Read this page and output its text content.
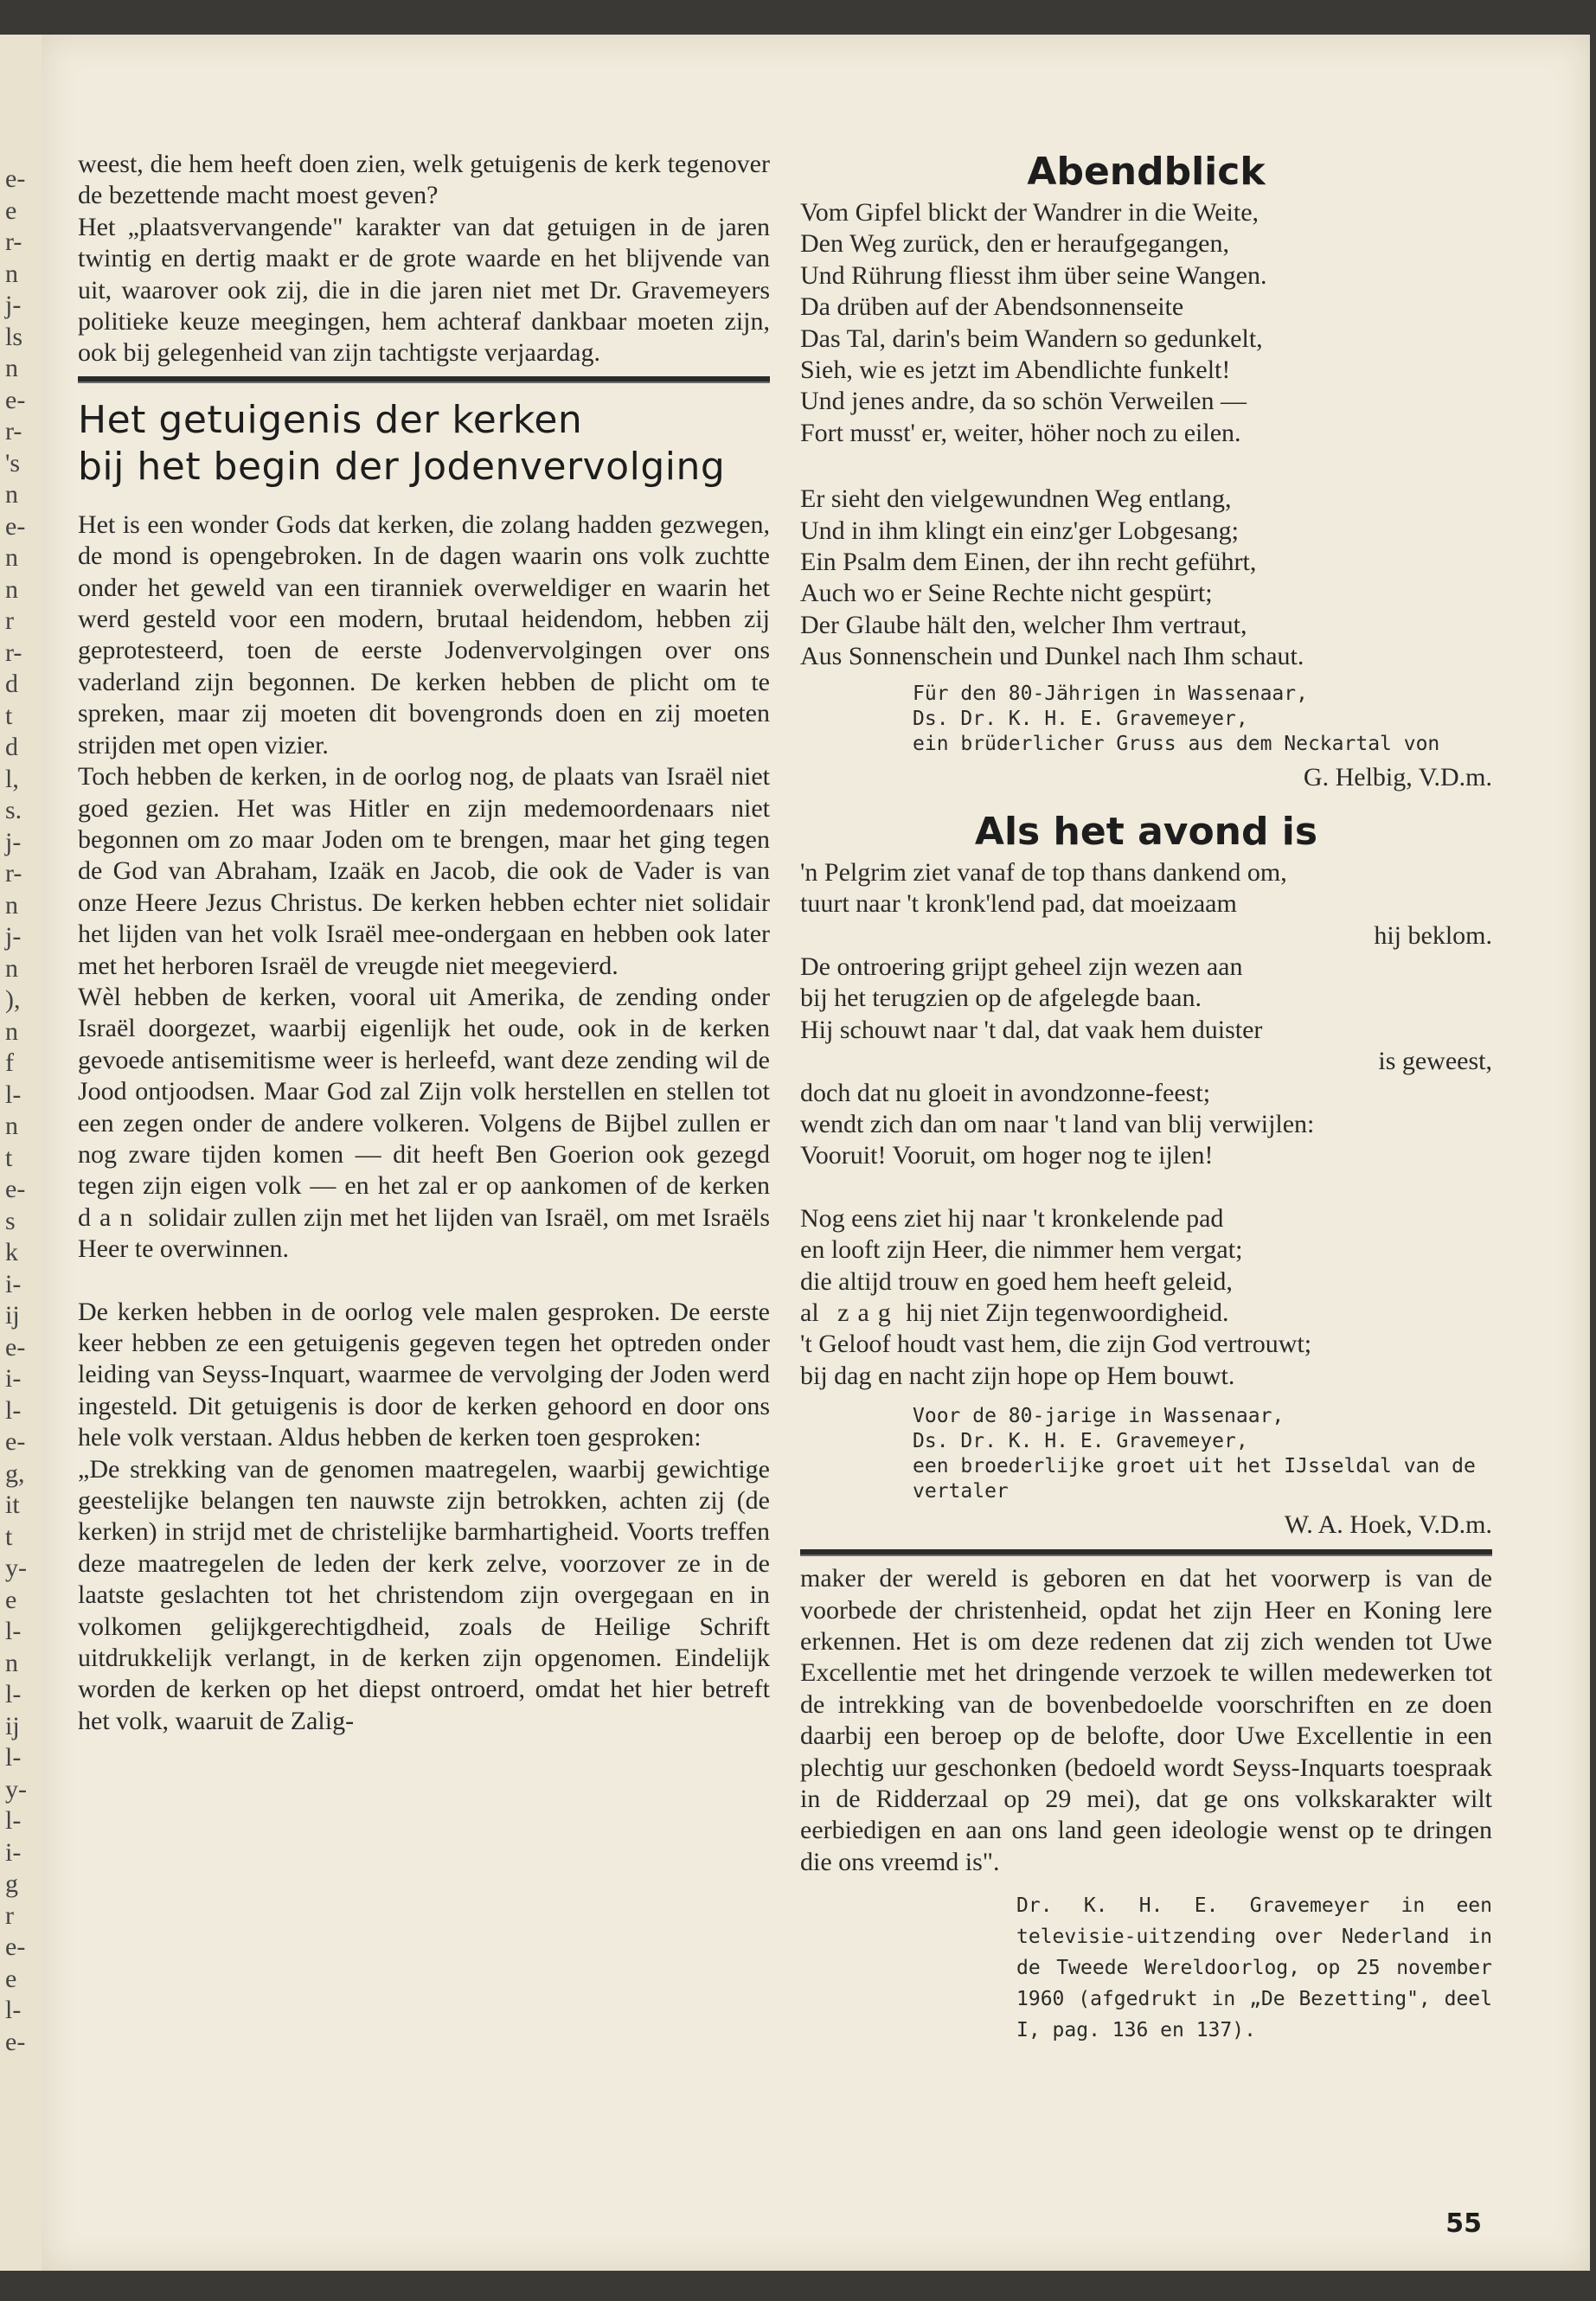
e-
e
r-
n
j-
ls
n
e-
r-
's
n
e-
n
n
r
r-
d
t
d
l,
s.
j-
r-
n
j-
n
),
n
f
l-
n
t
e-
s
k
i-
ij
e-
i-
l-
e-
g,
it
t
y-
e
l-
n
l-
ij
l-
y-
l-
i-
g
r
e-
e
l-
e-
55

weest, die hem heeft doen zien, welk getuigenis de kerk tegenover de bezettende macht moest geven?

Het „plaatsvervangende" karakter van dat getuigen in de jaren twintig en dertig maakt er de grote waarde en het blijvende van uit, waarover ook zij, die in die jaren niet met Dr. Gravemeyers politieke keuze meegingen, hem achteraf dankbaar moeten zijn, ook bij gelegenheid van zijn tachtigste verjaardag.

Het getuigenis der kerken
bij het begin der Jodenvervolging

Het is een wonder Gods dat kerken, die zolang hadden gezwegen, de mond is opengebroken. In de dagen waarin ons volk zuchtte onder het geweld van een tiranniek overweldiger en waarin het werd gesteld voor een modern, brutaal heidendom, hebben zij geprotesteerd, toen de eerste Jodenvervolgingen over ons vaderland zijn begonnen. De kerken hebben de plicht om te spreken, maar zij moeten dit bovengronds doen en zij moeten strijden met open vizier.

Toch hebben de kerken, in de oorlog nog, de plaats van Israël niet goed gezien. Het was Hitler en zijn medemoordenaars niet begonnen om zo maar Joden om te brengen, maar het ging tegen de God van Abraham, Izaäk en Jacob, die ook de Vader is van onze Heere Jezus Christus. De kerken hebben echter niet solidair het lijden van het volk Israël mee-ondergaan en hebben ook later met het herboren Israël de vreugde niet meegevierd.

Wèl hebben de kerken, vooral uit Amerika, de zending onder Israël doorgezet, waarbij eigenlijk het oude, ook in de kerken gevoede antisemitisme weer is herleefd, want deze zending wil de Jood ontjoodsen. Maar God zal Zijn volk herstellen en stellen tot een zegen onder de andere volkeren. Volgens de Bijbel zullen er nog zware tijden komen — dit heeft Ben Goerion ook gezegd tegen zijn eigen volk — en het zal er op aankomen of de kerken dan solidair zullen zijn met het lijden van Israël, om met Israëls Heer te overwinnen.

De kerken hebben in de oorlog vele malen gesproken. De eerste keer hebben ze een getuigenis gegeven tegen het optreden onder leiding van Seyss-Inquart, waarmee de vervolging der Joden werd ingesteld. Dit getuigenis is door de kerken gehoord en door ons hele volk verstaan. Aldus hebben de kerken toen gesproken:

„De strekking van de genomen maatregelen, waarbij gewichtige geestelijke belangen ten nauwste zijn betrokken, achten zij (de kerken) in strijd met de christelijke barmhartigheid. Voorts treffen deze maatregelen de leden der kerk zelve, voorzover ze in de laatste geslachten tot het christendom zijn overgegaan en in volkomen gelijkgerechtigdheid, zoals de Heilige Schrift uitdrukkelijk verlangt, in de kerken zijn opgenomen. Eindelijk worden de kerken op het diepst ontroerd, omdat het hier betreft het volk, waaruit de Zalig-

Abendblick
Vom Gipfel blickt der Wandrer in die Weite,
Den Weg zurück, den er heraufgegangen,
Und Rührung fliesst ihm über seine Wangen.
Da drüben auf der Abendsonnenseite
Das Tal, darin's beim Wandern so gedunkelt,
Sieh, wie es jetzt im Abendlichte funkelt!
Und jenes andre, da so schön Verweilen —
Fort musst' er, weiter, höher noch zu eilen.
Er sieht den vielgewundnen Weg entlang,
Und in ihm klingt ein einz'ger Lobgesang;
Ein Psalm dem Einen, der ihn recht geführt,
Auch wo er Seine Rechte nicht gespürt;
Der Glaube hält den, welcher Ihm vertraut,
Aus Sonnenschein und Dunkel nach Ihm schaut.
Für den 80-Jährigen in Wassenaar,
Ds. Dr. K. H. E. Gravemeyer,
ein brüderlicher Gruss aus dem Neckartal von
G. Helbig, V.D.m.
Als het avond is
'n Pelgrim ziet vanaf de top thans dankend om,
tuurt naar 't kronk'lend pad, dat moeizaam
hij beklom.
De ontroering grijpt geheel zijn wezen aan
bij het terugzien op de afgelegde baan.
Hij schouwt naar 't dal, dat vaak hem duister
is geweest,
doch dat nu gloeit in avondzonne-feest;
wendt zich dan om naar 't land van blij verwijlen:
Vooruit! Vooruit, om hoger nog te ijlen!
Nog eens ziet hij naar 't kronkelende pad
en looft zijn Heer, die nimmer hem vergat;
die altijd trouw en goed hem heeft geleid,
al zag hij niet Zijn tegenwoordigheid.
't Geloof houdt vast hem, die zijn God vertrouwt;
bij dag en nacht zijn hope op Hem bouwt.
Voor de 80-jarige in Wassenaar,
Ds. Dr. K. H. E. Gravemeyer,
een broederlijke groet uit het IJsseldal van de vertaler
W. A. Hoek, V.D.m.
maker der wereld is geboren en dat het voorwerp is van de voorbede der christenheid, opdat het zijn Heer en Koning lere erkennen. Het is om deze redenen dat zij zich wenden tot Uwe Excellentie met het dringende verzoek te willen medewerken tot de intrekking van de bovenbedoelde voorschriften en ze doen daarbij een beroep op de belofte, door Uwe Excellentie in een plechtig uur geschonken (bedoeld wordt Seyss-Inquarts toespraak in de Ridderzaal op 29 mei), dat ge ons volkskarakter wilt eerbiedigen en aan ons land geen ideologie wenst op te dringen die ons vreemd is".
Dr. K. H. E. Gravemeyer in een televisie-uitzending over Nederland in de Tweede Wereldoorlog, op 25 november 1960 (afgedrukt in „De Bezetting", deel I, pag. 136 en 137).
